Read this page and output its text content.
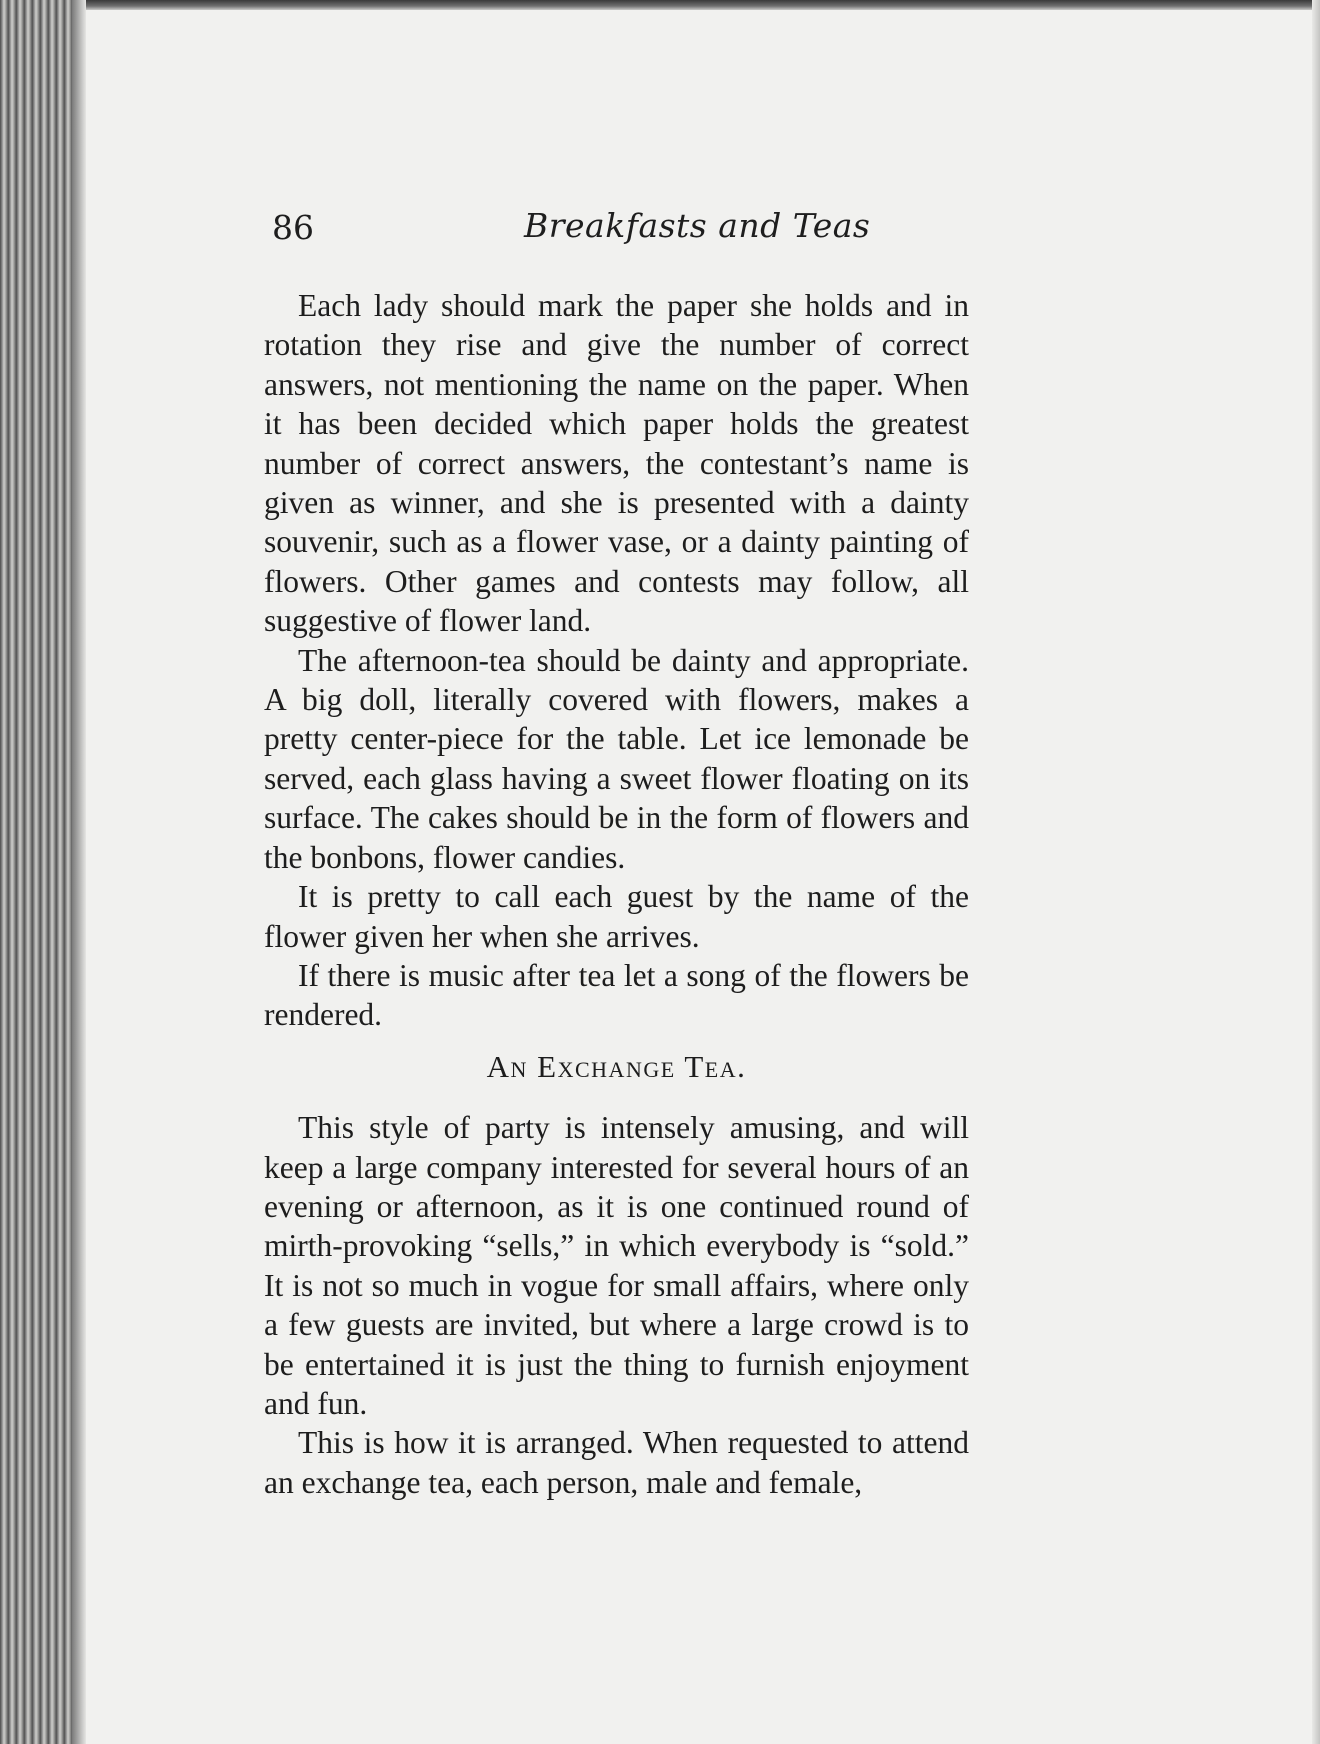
86	Breakfasts and Teas

Each lady should mark the paper she holds and in rotation they rise and give the number of correct answers, not mentioning the name on the paper. When it has been decided which paper holds the greatest number of correct answers, the contestant’s name is given as winner, and she is presented with a dainty souvenir, such as a flower vase, or a dainty painting of flowers. Other games and contests may follow, all suggestive of flower land.

The afternoon-tea should be dainty and appropriate. A big doll, literally covered with flowers, makes a pretty center-piece for the table. Let ice lemonade be served, each glass having a sweet flower floating on its surface. The cakes should be in the form of flowers and the bonbons, flower candies.

It is pretty to call each guest by the name of the flower given her when she arrives.

If there is music after tea let a song of the flowers be rendered.

An Exchange Tea.

This style of party is intensely amusing, and will keep a large company interested for several hours of an evening or afternoon, as it is one continued round of mirth-provoking “sells,” in which everybody is “sold.” It is not so much in vogue for small affairs, where only a few guests are invited, but where a large crowd is to be entertained it is just the thing to furnish enjoyment and fun.

This is how it is arranged. When requested to attend an exchange tea, each person, male and female,
